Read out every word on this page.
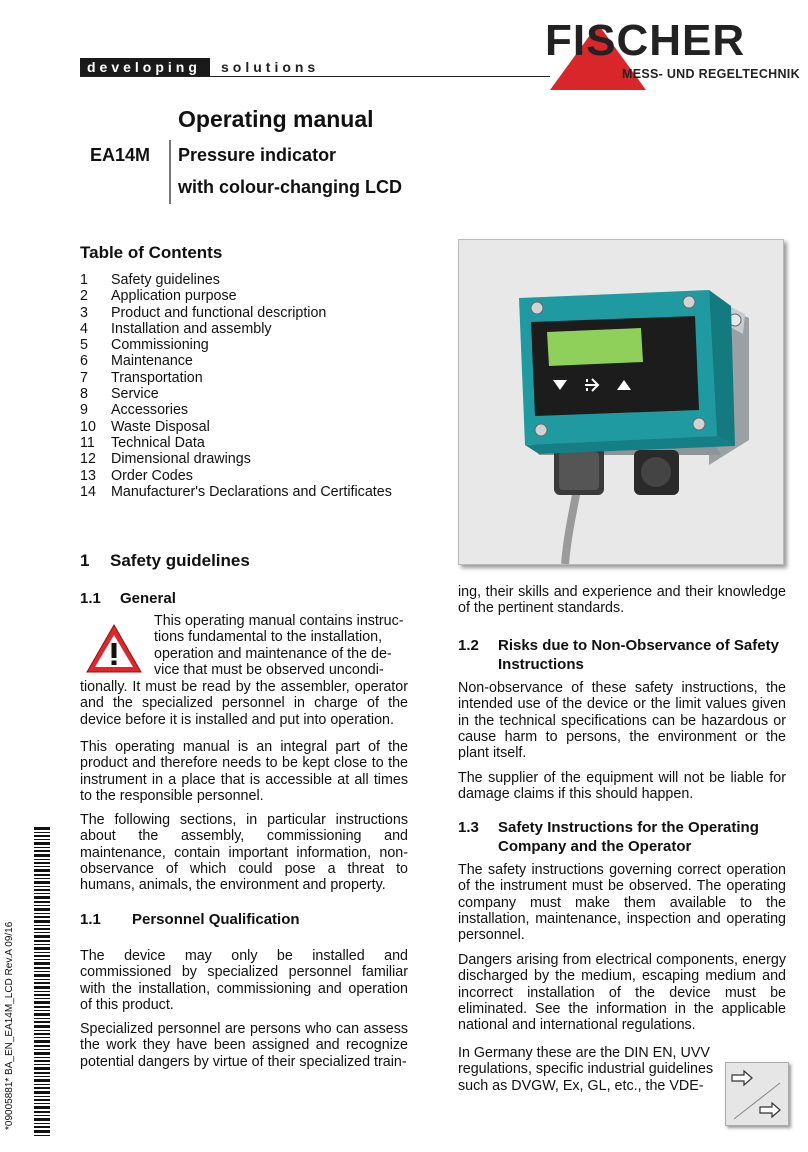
developing	solutions
FISCHER
MESS- UND REGELTECHNIK
Operating manual
EA14M Pressure indicator
with colour-changing LCD
Table of Contents
1 Safety guidelines
2 Application purpose
3 Product and functional description
4 Installation and assembly
5 Commissioning
6 Maintenance
7 Transportation
8 Service
9 Accessories
10 Waste Disposal
11 Technical Data
12 Dimensional drawings
13 Order Codes
14 Manufacturer's Declarations and Certificates
1 Safety guidelines
1.1 General
This operating manual contains instruc-
tions fundamental to the installation,
operation and maintenance of the de-
vice that must be observed uncondi-
tionally. It must be read by the assembler, operator and the specialized personnel in charge of the device before it is installed and put into operation.
This operating manual is an integral part of the product and therefore needs to be kept close to the instrument in a place that is accessible at all times to the responsible personnel.
The following sections, in particular instructions about the assembly, commissioning and maintenance, contain important information, non-observance of which could pose a threat to humans, animals, the environment and property.
1.1 Personnel Qualification
The device may only be installed and commissioned by specialized personnel familiar with the installation, commissioning and operation of this product.
Specialized personnel are persons who can assess the work they have been assigned and recognize potential dangers by virtue of their specialized train-
ing, their skills and experience and their knowledge of the pertinent standards.
1.2 Risks due to Non-Observance of Safety Instructions
Non-observance of these safety instructions, the intended use of the device or the limit values given in the technical specifications can be hazardous or cause harm to persons, the environment or the plant itself.
The supplier of the equipment will not be liable for damage claims if this should happen.
1.3 Safety Instructions for the Operating Company and the Operator
The safety instructions governing correct operation of the instrument must be observed. The operating company must make them available to the installation, maintenance, inspection and operating personnel.
Dangers arising from electrical components, energy discharged by the medium, escaping medium and incorrect installation of the device must be eliminated. See the information in the applicable national and international regulations.
In Germany these are the DIN EN, UVV
regulations, specific industrial guidelines
such as DVGW, Ex, GL, etc., the VDE-
*09005881* BA_EN_EA14M_LCD Rev.A 09/16
